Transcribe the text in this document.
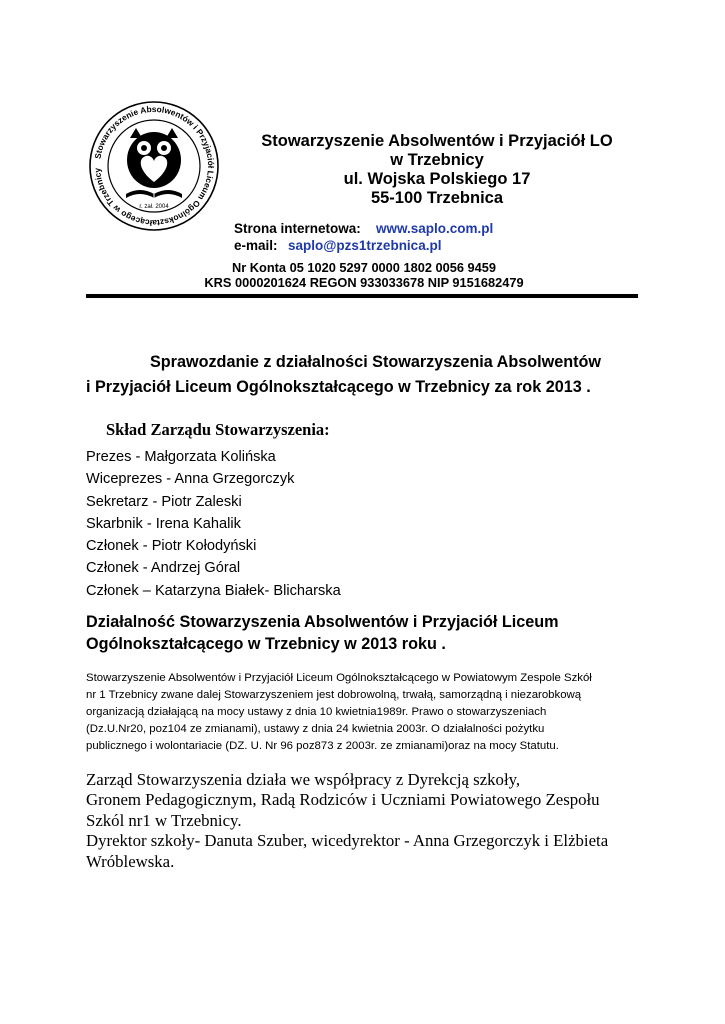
Stowarzyszenie Absolwentów i Przyjaciół Liceum Ogólnokształcącego w Trzebnicy
r. zał. 2004
Stowarzyszenie Absolwentów i Przyjaciół LO
w Trzebnicy
ul. Wojska Polskiego 17
55-100 Trzebnica
Strona internetowa: www.saplo.com.pl
e-mail: saplo@pzs1trzebnica.pl
Nr Konta 05 1020 5297 0000 1802 0056 9459
KRS 0000201624 REGON 933033678 NIP 9151682479
Sprawozdanie z działalności Stowarzyszenia Absolwentów
i Przyjaciół Liceum Ogólnokształcącego w Trzebnicy za rok 2013 .
Skład Zarządu Stowarzyszenia:
Prezes - Małgorzata Kolińska
Wiceprezes - Anna Grzegorczyk
Sekretarz - Piotr Zaleski
Skarbnik - Irena Kahalik
Członek - Piotr Kołodyński
Członek - Andrzej Góral
Członek – Katarzyna Białek- Blicharska
Działalność Stowarzyszenia Absolwentów i Przyjaciół Liceum
Ogólnokształcącego w Trzebnicy w 2013 roku .
Stowarzyszenie Absolwentów i Przyjaciół Liceum Ogólnokształcącego w Powiatowym Zespole Szkół
nr 1 Trzebnicy zwane dalej Stowarzyszeniem jest dobrowolną, trwałą, samorządną i niezarobkową
organizacją działającą na mocy ustawy z dnia 10 kwietnia1989r. Prawo o stowarzyszeniach
(Dz.U.Nr20, poz104 ze zmianami), ustawy z dnia 24 kwietnia 2003r. O działalności pożytku
publicznego i wolontariacie (DZ. U. Nr 96 poz873 z 2003r. ze zmianami)oraz na mocy Statutu.
Zarząd Stowarzyszenia działa we współpracy z Dyrekcją szkoły,
Gronem Pedagogicznym, Radą Rodziców i Uczniami Powiatowego Zespołu
Szkól nr1 w Trzebnicy.
Dyrektor szkoły- Danuta Szuber, wicedyrektor - Anna Grzegorczyk i Elżbieta
Wróblewska.
